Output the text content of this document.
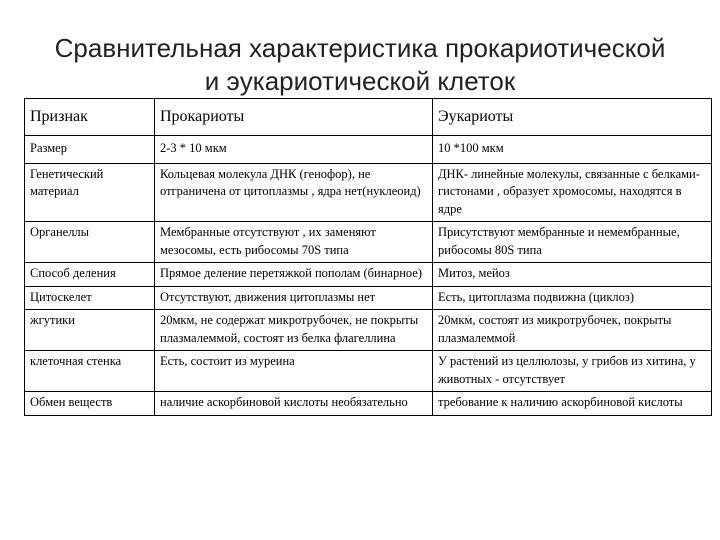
Сравнительная характеристика прокариотической
и эукариотической клеток
Признак	Прокариоты	Эукариоты
Размер	2-3 * 10 мкм	10 *100 мкм
Генетический материал	Кольцевая молекула ДНК (генофор), не отграничена от цитоплазмы , ядра нет(нуклеоид)	ДНК- линейные молекулы, связанные с белками-гистонами , образует хромосомы, находятся в ядре
Органеллы	Мембранные отсутствуют , их заменяют мезосомы, есть рибосомы 70S типа	Присутствуют мембранные и немембранные, рибосомы 80S типа
Способ деления	Прямое деление перетяжкой пополам (бинарное)	Митоз, мейоз
Цитоскелет	Отсутствуют, движения цитоплазмы нет	Есть, цитоплазма подвижна (циклоз)
жгутики	20мкм, не содержат микротрубочек, не покрыты плазмалеммой, состоят из белка флагеллина	20мкм, состоят из микротрубочек, покрыты плазмалеммой
клеточная стенка	Есть, состоит из муреина	У растений из целлюлозы, у грибов из хитина, у животных - отсутствует
Обмен веществ	наличие аскорбиновой кислоты необязательно	требование к наличию аскорбиновой кислоты
